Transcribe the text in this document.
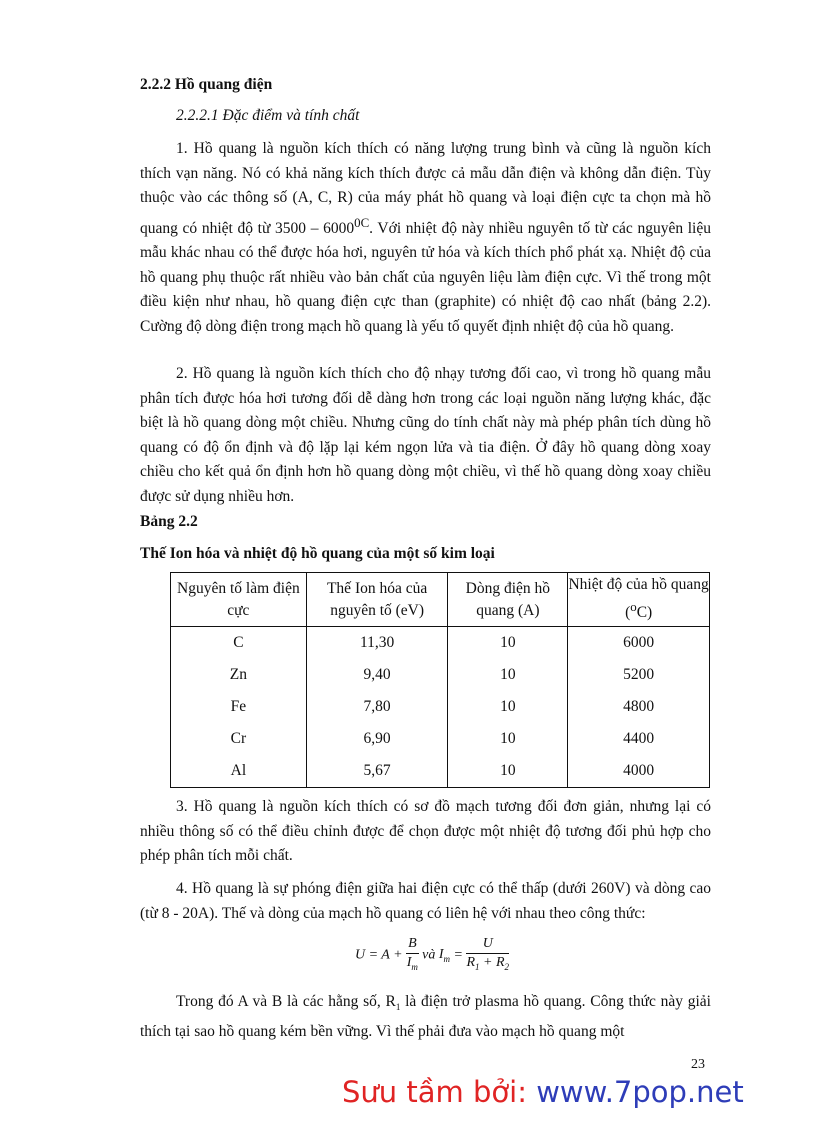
2.2.2 Hồ quang điện
2.2.2.1 Đặc điểm và tính chất

1. Hồ quang là nguồn kích thích có năng lượng trung bình và cũng là nguồn kích thích vạn năng. Nó có khả năng kích thích được cả mẫu dẫn điện và không dẫn điện. Tùy thuộc vào các thông số (A, C, R) của máy phát hồ quang và loại điện cực ta chọn mà hồ quang có nhiệt độ từ $3500 - 6000^{0C}$. Với nhiệt độ này nhiều nguyên tố từ các nguyên liệu mẫu khác nhau có thể được hóa hơi, nguyên tử hóa và kích thích phổ phát xạ. Nhiệt độ của hồ quang phụ thuộc rất nhiều vào bản chất của nguyên liệu làm điện cực. Vì thế trong một điều kiện như nhau, hồ quang điện cực than (graphite) có nhiệt độ cao nhất (bảng 2.2). Cường độ dòng điện trong mạch hồ quang là yếu tố quyết định nhiệt độ của hồ quang.

2. Hồ quang là nguồn kích thích cho độ nhạy tương đối cao, vì trong hồ quang mẫu phân tích được hóa hơi tương đối dễ dàng hơn trong các loại nguồn năng lượng khác, đặc biệt là hồ quang dòng một chiều. Nhưng cũng do tính chất này mà phép phân tích dùng hồ quang có độ ổn định và độ lặp lại kém ngọn lửa và tia điện. Ở đây hồ quang dòng xoay chiều cho kết quả ổn định hơn hồ quang dòng một chiều, vì thế hồ quang dòng xoay chiều được sử dụng nhiều hơn.

Bảng 2.2
Thế Ion hóa và nhiệt độ hồ quang của một số kim loại
Nguyên tố làm điện cực	Thế Ion hóa của nguyên tố (eV)	Dòng điện hồ quang (A)	Nhiệt độ của hồ quang ($^o$C)
C	11,30	10	6000
Zn	9,40	10	5200
Fe	7,80	10	4800
Cr	6,90	10	4400
Al	5,67	10	4000

3. Hồ quang là nguồn kích thích có sơ đồ mạch tương đối đơn giản, nhưng lại có nhiều thông số có thể điều chỉnh được để chọn được một nhiệt độ tương đối phủ hợp cho phép phân tích mỗi chất.

4. Hồ quang là sự phóng điện giữa hai điện cực có thể thấp (dưới 260V) và dòng cao (từ 8 - 20A). Thế và dòng của mạch hồ quang có liên hệ với nhau theo công thức:

$U = A + \frac{B}{I_m}$ và $I_m = \frac{U}{R_1 + R_2}$

Trong đó A và B là các hằng số, $R_1$ là điện trở plasma hồ quang. Công thức này giải thích tại sao hồ quang kém bền vững. Vì thế phải đưa vào mạch hồ quang một

23
Sưu tầm bởi: www.7pop.net
